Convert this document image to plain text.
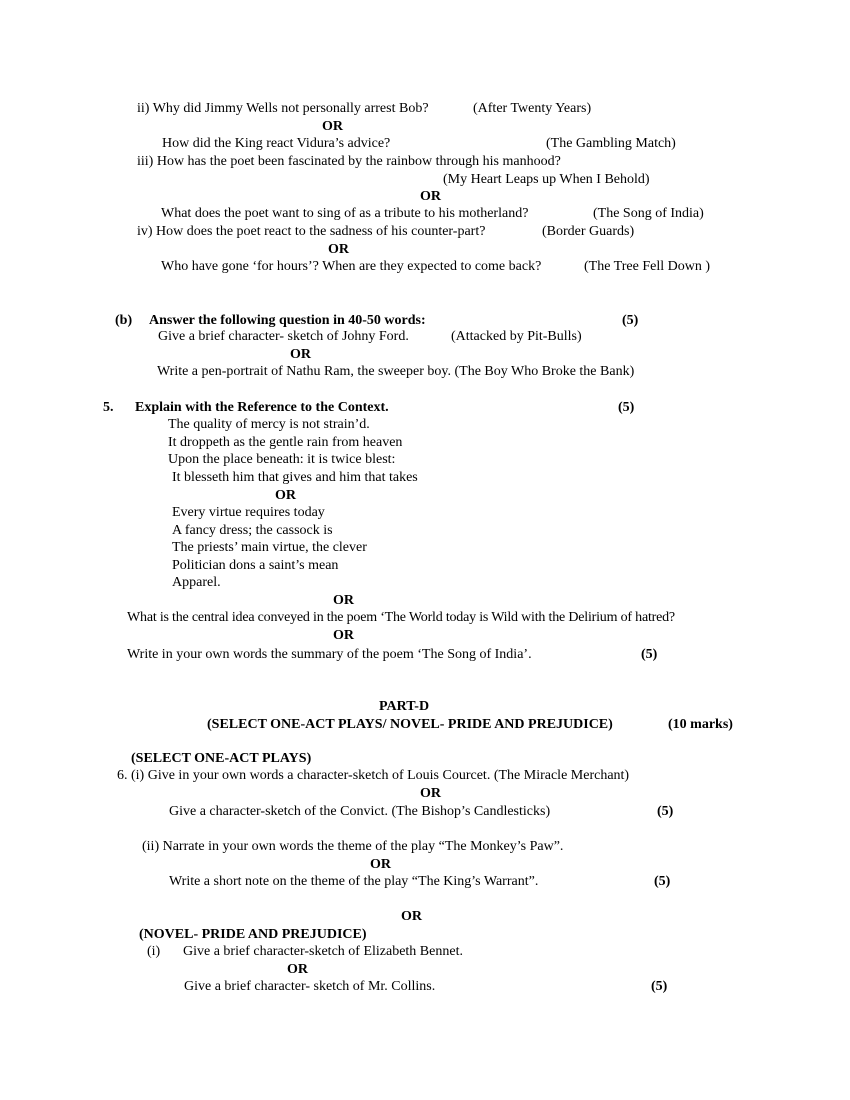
ii) Why did Jimmy Wells not personally arrest Bob?	(After Twenty Years)
OR
How did the King react Vidura’s advice?	(The Gambling Match)
iii) How has the poet been fascinated by the rainbow through his manhood?
(My Heart Leaps up When I Behold)
OR
What does the poet want to sing of as a tribute to his motherland?	(The Song of India)
iv) How does the poet react to the sadness of his counter-part?	(Border Guards)
OR
Who have gone ‘for hours’? When are they expected to come back?	(The Tree Fell Down )
(b) Answer the following question in 40-50 words:	(5)
Give a brief character- sketch of Johny Ford.	(Attacked by Pit-Bulls)
OR
Write a pen-portrait of Nathu Ram, the sweeper boy. (The Boy Who Broke the Bank)
5. Explain with the Reference to the Context.	(5)
The quality of mercy is not strain’d.
It droppeth as the gentle rain from heaven
Upon the place beneath: it is twice blest:
It blesseth him that gives and him that takes
OR
Every virtue requires today
A fancy dress; the cassock is
The priests’ main virtue, the clever
Politician dons a saint’s mean
Apparel.
OR
What is the central idea conveyed in the poem ‘The World today is Wild with the Delirium of hatred?
OR
Write in your own words the summary of the poem ‘The Song of India’.	(5)
PART-D
(SELECT ONE-ACT PLAYS/ NOVEL- PRIDE AND PREJUDICE)	(10 marks)
(SELECT ONE-ACT PLAYS)
6. (i) Give in your own words a character-sketch of Louis Courcet. (The Miracle Merchant)
OR
Give a character-sketch of the Convict. (The Bishop’s Candlesticks)	(5)
(ii) Narrate in your own words the theme of the play “The Monkey’s Paw”.
OR
Write a short note on the theme of the play “The King’s Warrant”.	(5)
OR
(NOVEL- PRIDE AND PREJUDICE)
(i) Give a brief character-sketch of Elizabeth Bennet.
OR
Give a brief character- sketch of Mr. Collins.	(5)
